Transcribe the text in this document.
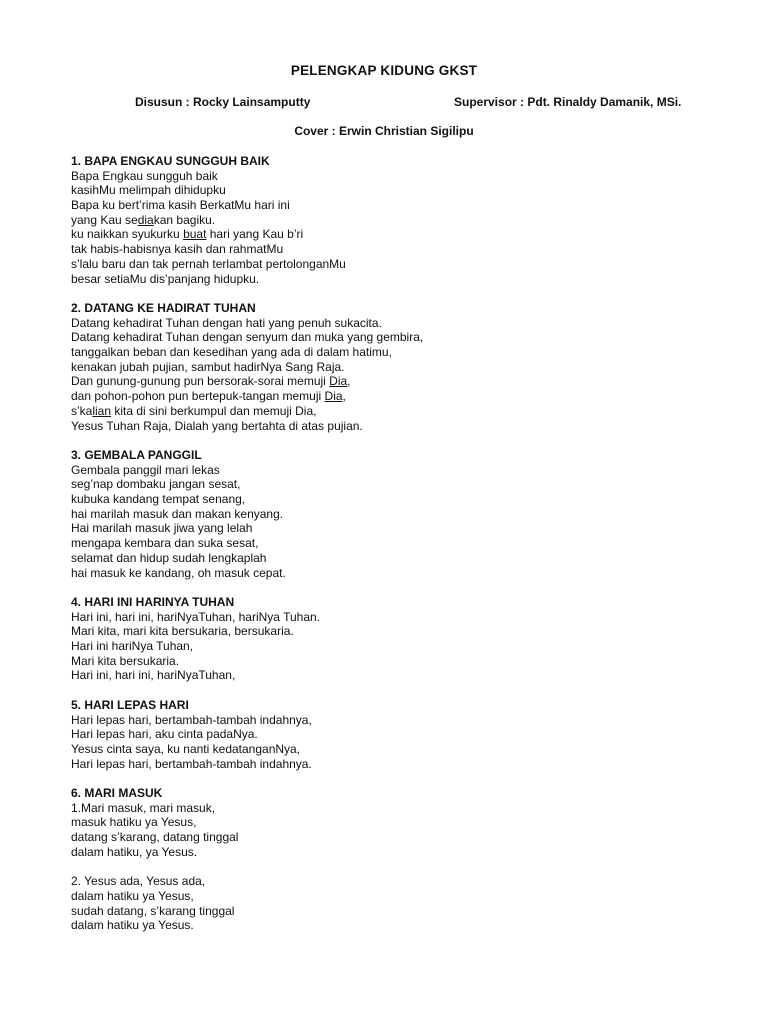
PELENGKAP KIDUNG GKST
Disusun : Rocky Lainsamputty	Supervisor : Pdt. Rinaldy Damanik, MSi.
Cover : Erwin Christian Sigilipu
1. BAPA ENGKAU SUNGGUH BAIK
Bapa Engkau sungguh baik
kasihMu melimpah dihidupku
Bapa ku bert’rima kasih BerkatMu hari ini
yang Kau sediakan bagiku.
ku naikkan syukurku buat hari yang Kau b’ri
tak habis-habisnya kasih dan rahmatMu
s’lalu baru dan tak pernah terlambat pertolonganMu
besar setiaMu dis’panjang hidupku.
2. DATANG KE HADIRAT TUHAN
Datang kehadirat Tuhan dengan hati yang penuh sukacita.
Datang kehadirat Tuhan dengan senyum dan muka yang gembira,
tanggalkan beban dan kesedihan yang ada di dalam hatimu,
kenakan jubah pujian, sambut hadirNya Sang Raja.
Dan gunung-gunung pun bersorak-sorai memuji Dia,
dan pohon-pohon pun bertepuk-tangan memuji Dia,
s’kalian kita di sini berkumpul dan memuji Dia,
Yesus Tuhan Raja, Dialah yang bertahta di atas pujian.
3. GEMBALA PANGGIL
Gembala panggil mari lekas
seg’nap dombaku jangan sesat,
kubuka kandang tempat senang,
hai marilah masuk dan makan kenyang.
Hai marilah masuk jiwa yang lelah
mengapa kembara dan suka sesat,
selamat dan hidup sudah lengkaplah
hai masuk ke kandang, oh masuk cepat.
4. HARI INI HARINYA TUHAN
Hari ini, hari ini, hariNyaTuhan, hariNya Tuhan.
Mari kita, mari kita bersukaria, bersukaria.
Hari ini hariNya Tuhan,
Mari kita bersukaria.
Hari ini, hari ini, hariNyaTuhan,
5. HARI LEPAS HARI
Hari lepas hari, bertambah-tambah indahnya,
Hari lepas hari, aku cinta padaNya.
Yesus cinta saya, ku nanti kedatanganNya,
Hari lepas hari, bertambah-tambah indahnya.
6. MARI MASUK
1.Mari masuk, mari masuk,
masuk hatiku ya Yesus,
datang s’karang, datang tinggal
dalam hatiku, ya Yesus.
2. Yesus ada, Yesus ada,
dalam hatiku ya Yesus,
sudah datang, s’karang tinggal
dalam hatiku ya Yesus.
